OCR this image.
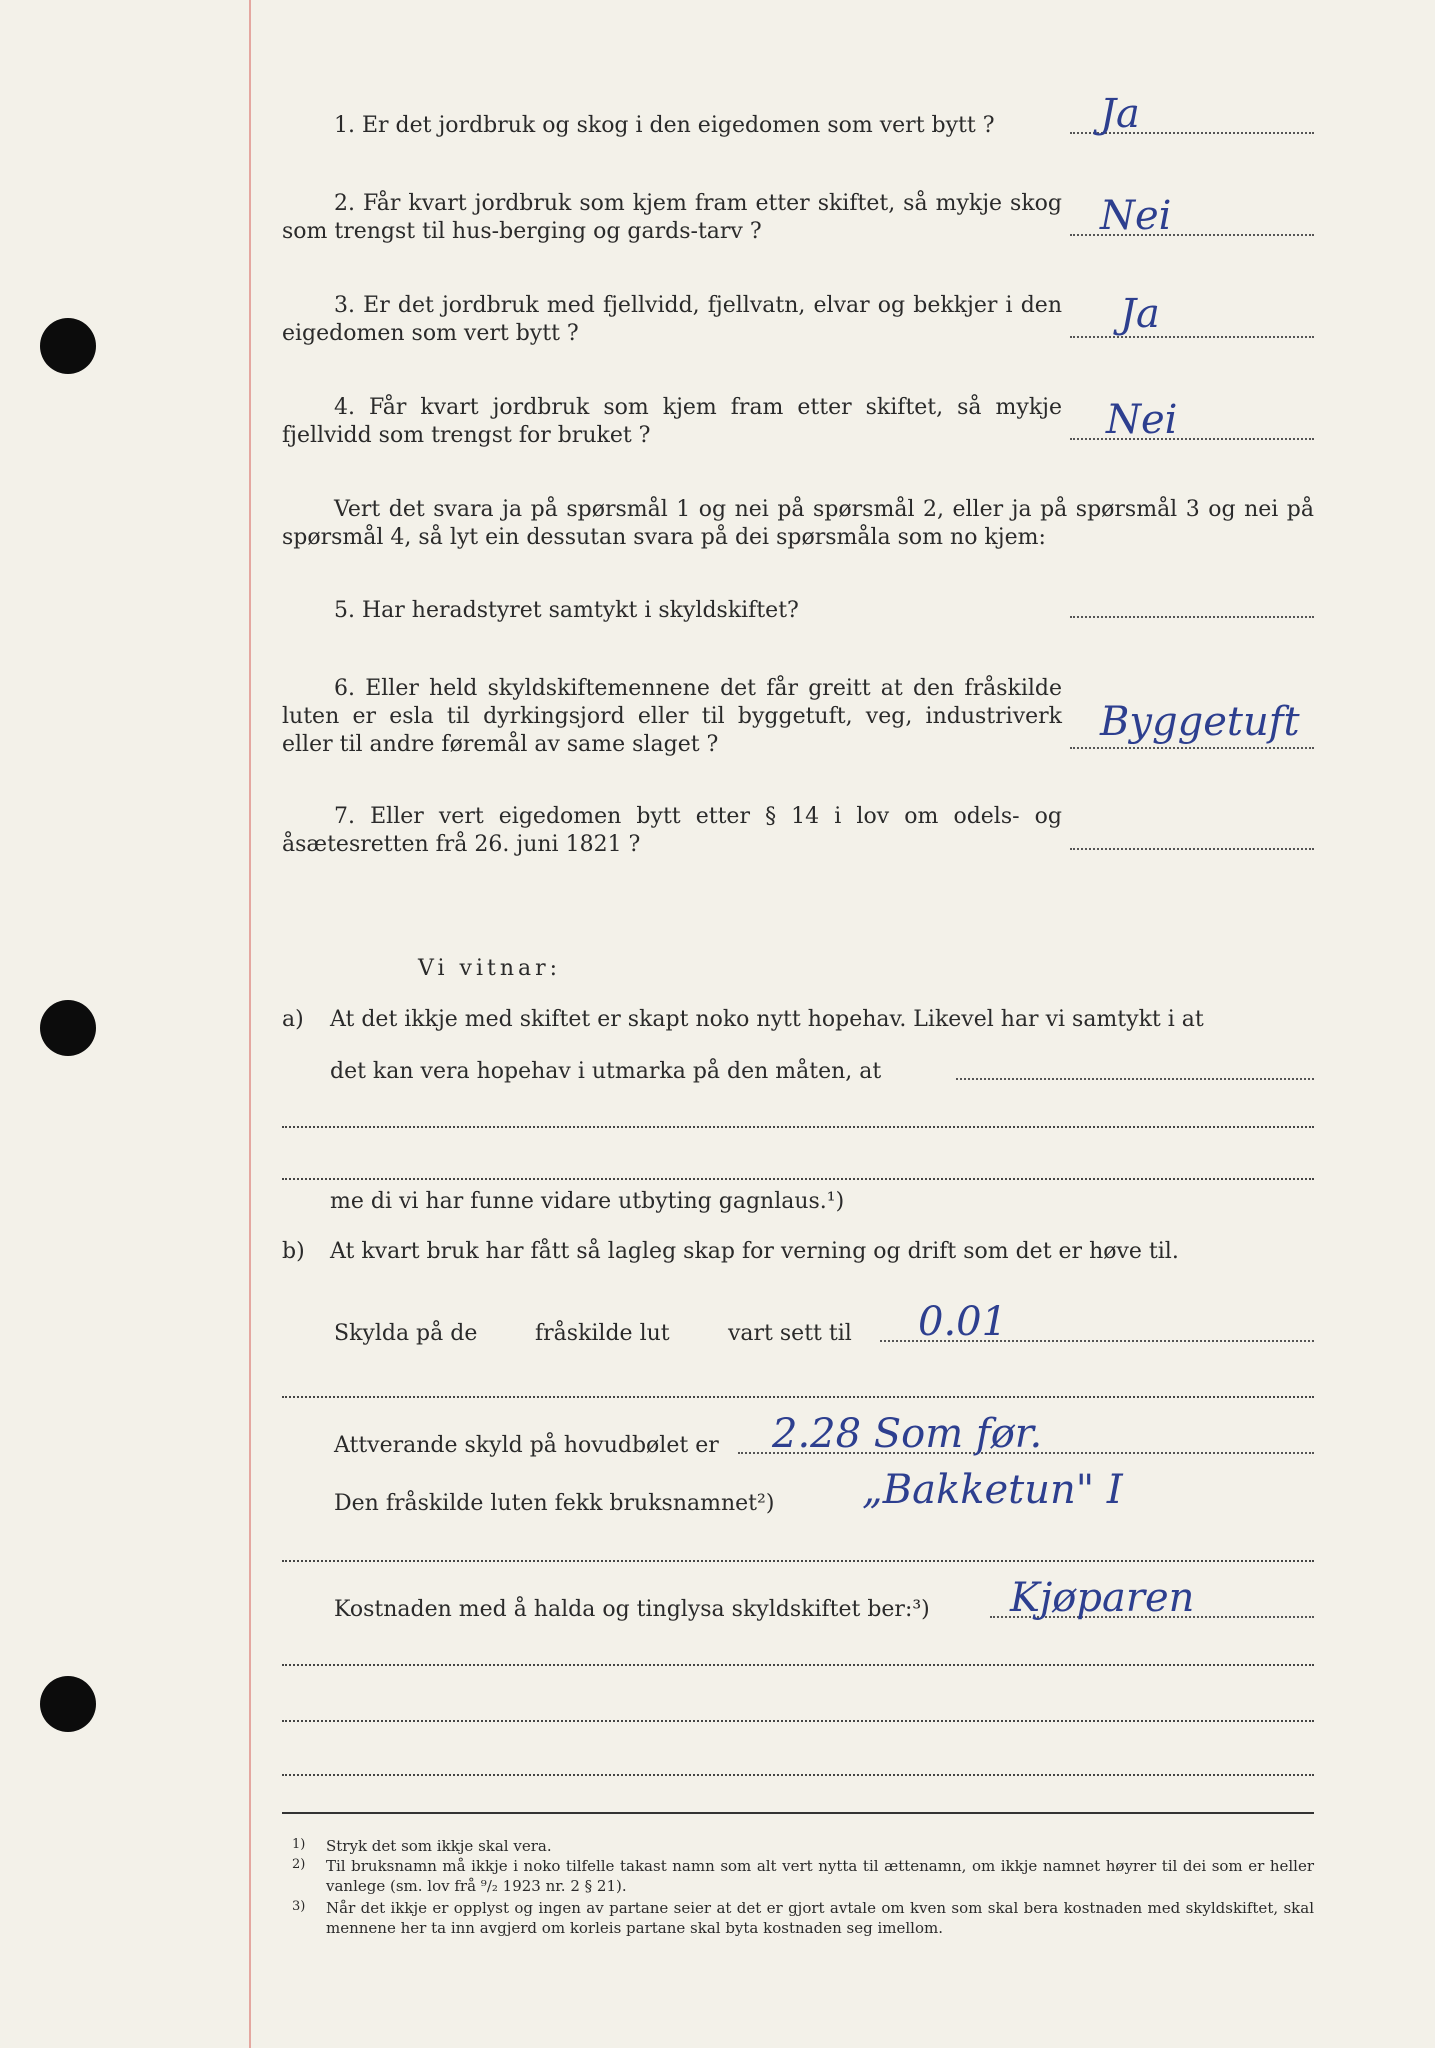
1. Er det jordbruk og skog i den eigedomen som vert bytt ?	Ja
2. Får kvart jordbruk som kjem fram etter skiftet, så mykje skog som trengst til hus-berging og gards-tarv ?	Nei
3. Er det jordbruk med fjellvidd, fjellvatn, elvar og bekkjer i den eigedomen som vert bytt ?	Ja
4. Får kvart jordbruk som kjem fram etter skiftet, så mykje fjellvidd som trengst for bruket ?	Nei
Vert det svara ja på spørsmål 1 og nei på spørsmål 2, eller ja på spørsmål 3 og nei på spørsmål 4, så lyt ein dessutan svara på dei spørsmåla som no kjem:
5. Har heradstyret samtykt i skyldskiftet?
6. Eller held skyldskiftemennene det får greitt at den fråskilde luten er esla til dyrkingsjord eller til byggetuft, veg, industriverk eller til andre føremål av same slaget ?	Byggetuft
7. Eller vert eigedomen bytt etter § 14 i lov om odels- og åsætesretten frå 26. juni 1821 ?
Vi vitnar:
a) At det ikkje med skiftet er skapt noko nytt hopehav. Likevel har vi samtykt i at
det kan vera hopehav i utmarka på den måten, at
me di vi har funne vidare utbyting gagnlaus.¹)
b) At kvart bruk har fått så lagleg skap for verning og drift som det er høve til.
Skylda på de	fråskilde lut	vart sett til 0.01
Attverande skyld på hovudbølet er 2.28 Som før.
Den fråskilde luten fekk bruksnamnet²) „Bakketun" I
Kostnaden med å halda og tinglysa skyldskiftet ber:³) Kjøparen
1) Stryk det som ikkje skal vera.
2) Til bruksnamn må ikkje i noko tilfelle takast namn som alt vert nytta til ættenamn, om ikkje namnet høyrer til dei som er heller vanlege (sm. lov frå ⁹/₂ 1923 nr. 2 § 21).
3) Når det ikkje er opplyst og ingen av partane seier at det er gjort avtale om kven som skal bera kostnaden med skyldskiftet, skal mennene her ta inn avgjerd om korleis partane skal byta kostnaden seg imellom.
